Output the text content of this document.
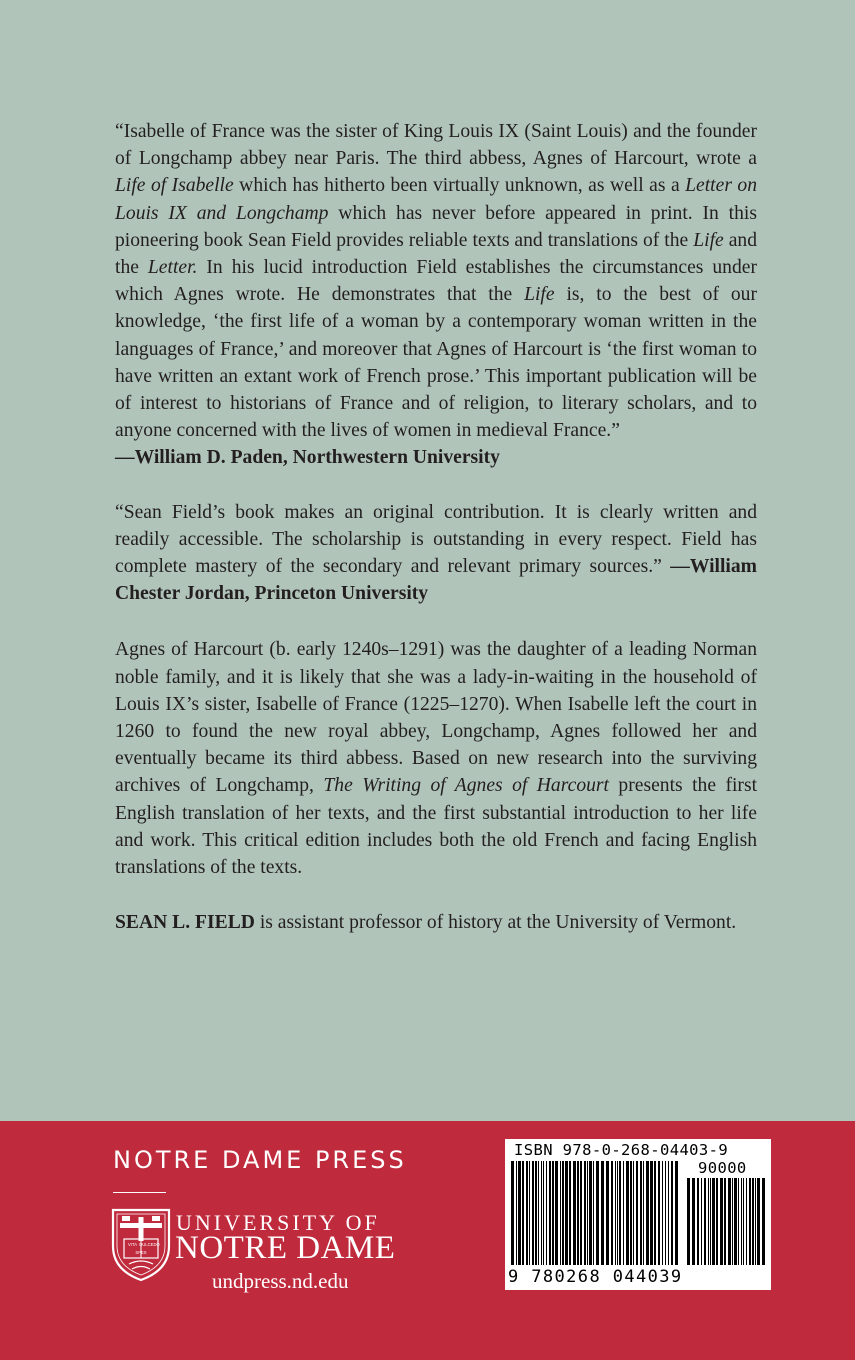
“Isabelle of France was the sister of King Louis IX (Saint Louis) and the founder of Longchamp abbey near Paris. The third abbess, Agnes of Harcourt, wrote a Life of Isabelle which has hitherto been virtually unknown, as well as a Letter on Louis IX and Longchamp which has never before appeared in print. In this pioneering book Sean Field provides reliable texts and translations of the Life and the Letter. In his lucid introduction Field establishes the circumstances under which Agnes wrote. He demonstrates that the Life is, to the best of our knowledge, ‘the first life of a woman by a contemporary woman written in the languages of France,’ and moreover that Agnes of Harcourt is ‘the first woman to have written an extant work of French prose.’ This important publication will be of interest to historians of France and of religion, to literary scholars, and to anyone concerned with the lives of women in medieval France.”
—William D. Paden, Northwestern University

“Sean Field’s book makes an original contribution. It is clearly written and readily accessible. The scholarship is outstanding in every respect. Field has complete mastery of the secondary and relevant primary sources.” —William Chester Jordan, Princeton University

Agnes of Harcourt (b. early 1240s–1291) was the daughter of a leading Norman noble family, and it is likely that she was a lady-in-waiting in the household of Louis IX’s sister, Isabelle of France (1225–1270). When Isabelle left the court in 1260 to found the new royal abbey, Longchamp, Agnes followed her and eventually became its third abbess. Based on new research into the surviving archives of Longchamp, The Writing of Agnes of Harcourt presents the first English translation of her texts, and the first substantial introduction to her life and work. This critical edition includes both the old French and facing English translations of the texts.

SEAN L. FIELD is assistant professor of history at the University of Vermont.

NOTRE DAME PRESS
VITA DULCEDO
SPES
UNIVERSITY OF
NOTRE DAME
undpress.nd.edu
ISBN 978-0-268-04403-9
90000
9 780268 044039
